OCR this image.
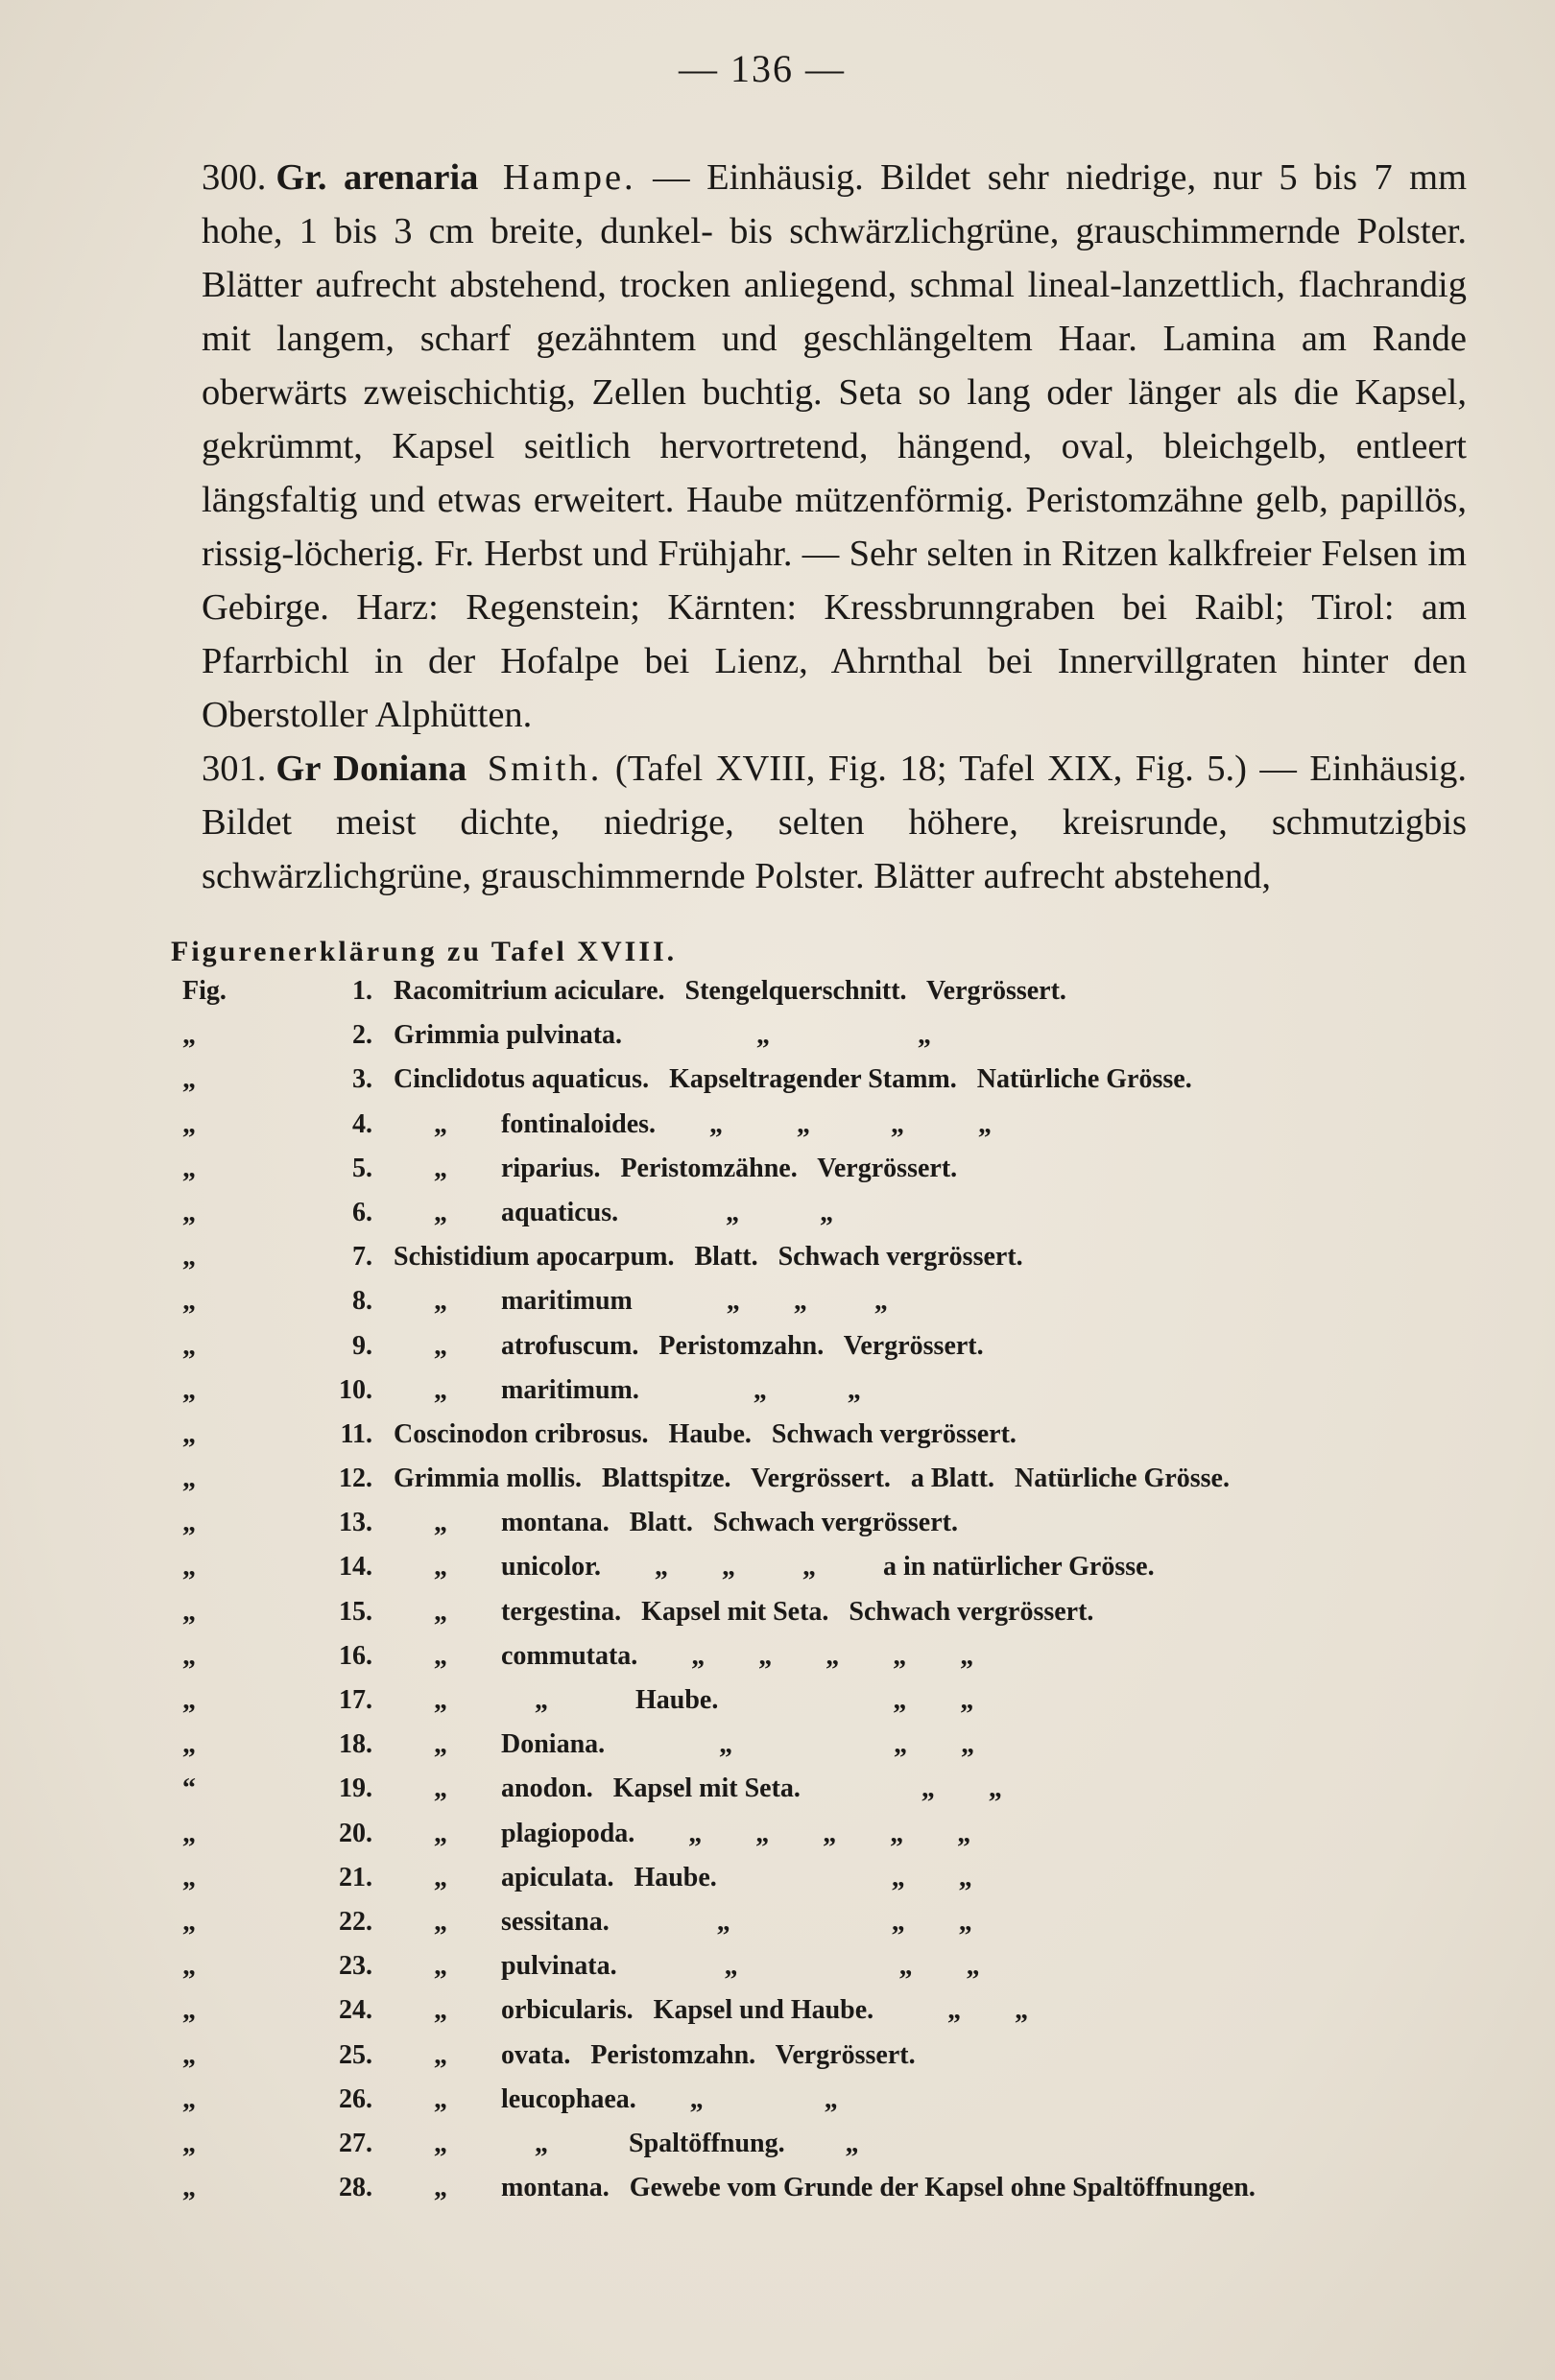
— 136 —

300. Gr. arenaria Hampe. — Einhäusig. Bildet sehr niedrige, nur 5 bis 7 mm hohe, 1 bis 3 cm breite, dunkel- bis schwärzlichgrüne, grauschimmernde Polster. Blätter aufrecht abstehend, trocken anliegend, schmal lineal-lanzettlich, flachrandig mit langem, scharf gezähntem und geschlängeltem Haar. Lamina am Rande oberwärts zweischichtig, Zellen buchtig. Seta so lang oder länger als die Kapsel, gekrümmt, Kapsel seitlich hervortretend, hängend, oval, bleichgelb, entleert längsfaltig und etwas erweitert. Haube mützenförmig. Peristomzähne gelb, papillös, rissig-löcherig. Fr. Herbst und Frühjahr. — Sehr selten in Ritzen kalkfreier Felsen im Gebirge. Harz: Regenstein; Kärnten: Kressbrunngraben bei Raibl; Tirol: am Pfarrbichl in der Hofalpe bei Lienz, Ahrnthal bei Innervillgraten hinter den Oberstoller Alphütten.

301. Gr Doniana Smith. (Tafel XVIII, Fig. 18; Tafel XIX, Fig. 5.) — Einhäusig. Bildet meist dichte, niedrige, selten höhere, kreisrunde, schmutzigbis schwärzlichgrüne, grauschimmernde Polster. Blätter aufrecht abstehend,

Figurenerklärung zu Tafel XVIII.
Fig.	1. Racomitrium aciculare.   Stengelquerschnitt.   Vergrössert.
„	2. Grimmia pulvinata.                    „                      „
„	3. Cinclidotus aquaticus.   Kapseltragender Stamm.   Natürliche Grösse.
„	4. „        fontinaloides.        „           „            „           „
„	5. „        riparius.   Peristomzähne.   Vergrössert.
„	6. „        aquaticus.                „            „
„	7. Schistidium apocarpum.   Blatt.   Schwach vergrössert.
„	8. „        maritimum              „        „          „
„	9. „        atrofuscum.   Peristomzahn.   Vergrössert.
„	10. „        maritimum.                 „            „
„	11. Coscinodon cribrosus.   Haube.   Schwach vergrössert.
„	12. Grimmia mollis.   Blattspitze.   Vergrössert.   a Blatt.   Natürliche Grösse.
„	13. „        montana.   Blatt.   Schwach vergrössert.
„	14. „        unicolor.        „        „          „          a in natürlicher Grösse.
„	15. „        tergestina.   Kapsel mit Seta.   Schwach vergrössert.
„	16. „        commutata.        „        „        „        „        „
„	17. „             „             Haube.                          „        „
„	18. „        Doniana.                 „                        „        „
“	19. „        anodon.   Kapsel mit Seta.                  „        „
„	20. „        plagiopoda.        „        „        „        „        „
„	21. „        apiculata.   Haube.                          „        „
„	22. „        sessitana.                „                        „        „
„	23. „        pulvinata.                „                        „        „
„	24. „        orbicularis.   Kapsel und Haube.           „        „
„	25. „        ovata.   Peristomzahn.   Vergrössert.
„	26. „        leucophaea.        „                  „
„	27. „             „            Spaltöffnung.         „
„	28. „        montana.   Gewebe vom Grunde der Kapsel ohne Spaltöffnungen.
